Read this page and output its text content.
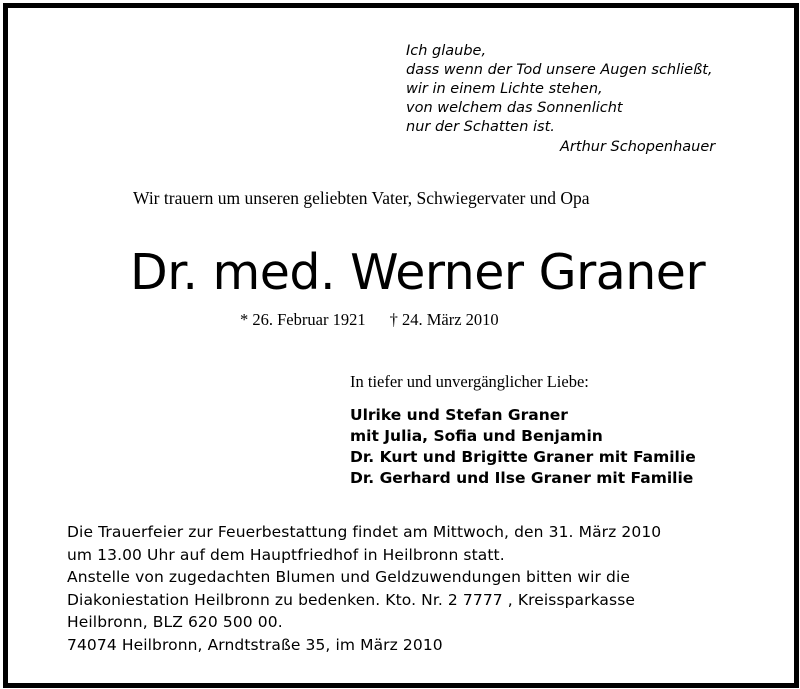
Ich glaube,
dass wenn der Tod unsere Augen schließt,
wir in einem Lichte stehen,
von welchem das Sonnenlicht
nur der Schatten ist.
Arthur Schopenhauer
Wir trauern um unseren geliebten Vater, Schwiegervater und Opa
Dr. med. Werner Graner
* 26. Februar 1921 † 24. März 2010
In tiefer und unvergänglicher Liebe:
Ulrike und Stefan Graner
mit Julia, Sofia und Benjamin
Dr. Kurt und Brigitte Graner mit Familie
Dr. Gerhard und Ilse Graner mit Familie
Die Trauerfeier zur Feuerbestattung findet am Mittwoch, den 31. März 2010
um 13.00 Uhr auf dem Hauptfriedhof in Heilbronn statt.
Anstelle von zugedachten Blumen und Geldzuwendungen bitten wir die
Diakoniestation Heilbronn zu bedenken. Kto. Nr. 2 7777 , Kreissparkasse
Heilbronn, BLZ 620 500 00.
74074 Heilbronn, Arndtstraße 35, im März 2010
